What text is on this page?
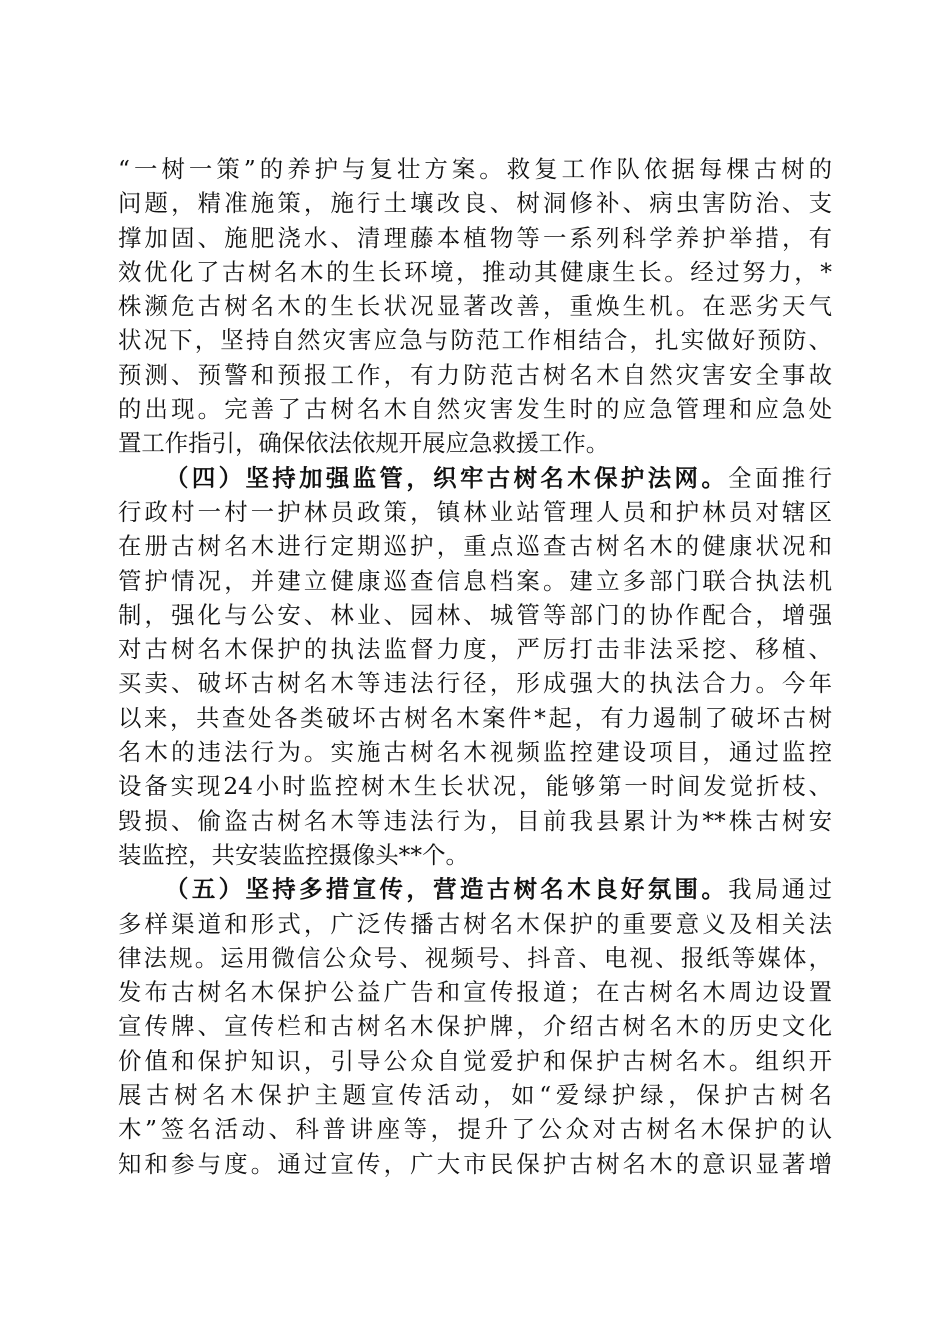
“一树一策”的养护与复壮方案。救复工作队依据每棵古树的
问题，精准施策，施行土壤改良、树洞修补、病虫害防治、支
撑加固、施肥浇水、清理藤本植物等一系列科学养护举措，有
效优化了古树名木的生长环境，推动其健康生长。经过努力，*
株濒危古树名木的生长状况显著改善，重焕生机。在恶劣天气
状况下，坚持自然灾害应急与防范工作相结合，扎实做好预防、
预测、预警和预报工作，有力防范古树名木自然灾害安全事故
的出现。完善了古树名木自然灾害发生时的应急管理和应急处
置工作指引，确保依法依规开展应急救援工作。
（四）坚持加强监管，织牢古树名木保护法网。全面推行
行政村一村一护林员政策，镇林业站管理人员和护林员对辖区
在册古树名木进行定期巡护，重点巡查古树名木的健康状况和
管护情况，并建立健康巡查信息档案。建立多部门联合执法机
制，强化与公安、林业、园林、城管等部门的协作配合，增强
对古树名木保护的执法监督力度，严厉打击非法采挖、移植、
买卖、破坏古树名木等违法行径，形成强大的执法合力。今年
以来，共查处各类破坏古树名木案件*起，有力遏制了破坏古树
名木的违法行为。实施古树名木视频监控建设项目，通过监控
设备实现24小时监控树木生长状况，能够第一时间发觉折枝、
毁损、偷盗古树名木等违法行为，目前我县累计为**株古树安
装监控，共安装监控摄像头**个。
（五）坚持多措宣传，营造古树名木良好氛围。我局通过
多样渠道和形式，广泛传播古树名木保护的重要意义及相关法
律法规。运用微信公众号、视频号、抖音、电视、报纸等媒体，
发布古树名木保护公益广告和宣传报道；在古树名木周边设置
宣传牌、宣传栏和古树名木保护牌，介绍古树名木的历史文化
价值和保护知识，引导公众自觉爱护和保护古树名木。组织开
展古树名木保护主题宣传活动，如“爱绿护绿，保护古树名
木”签名活动、科普讲座等，提升了公众对古树名木保护的认
知和参与度。通过宣传，广大市民保护古树名木的意识显著增
